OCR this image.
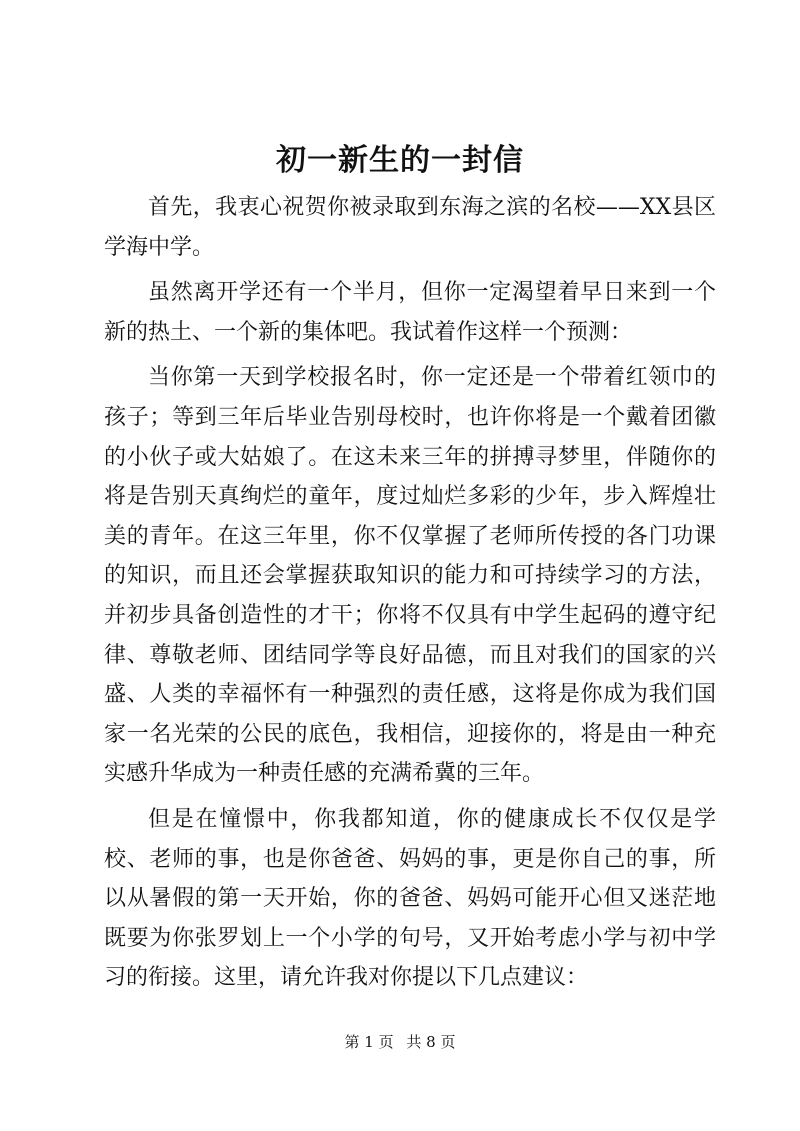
初一新生的一封信

首先，我衷心祝贺你被录取到东海之滨的名校——XX县区学海中学。

虽然离开学还有一个半月，但你一定渴望着早日来到一个新的热土、一个新的集体吧。我试着作这样一个预测：

当你第一天到学校报名时，你一定还是一个带着红领巾的孩子；等到三年后毕业告别母校时，也许你将是一个戴着团徽的小伙子或大姑娘了。在这未来三年的拼搏寻梦里，伴随你的将是告别天真绚烂的童年，度过灿烂多彩的少年，步入辉煌壮美的青年。在这三年里，你不仅掌握了老师所传授的各门功课的知识，而且还会掌握获取知识的能力和可持续学习的方法，并初步具备创造性的才干；你将不仅具有中学生起码的遵守纪律、尊敬老师、团结同学等良好品德，而且对我们的国家的兴盛、人类的幸福怀有一种强烈的责任感，这将是你成为我们国家一名光荣的公民的底色，我相信，迎接你的，将是由一种充实感升华成为一种责任感的充满希冀的三年。

但是在憧憬中，你我都知道，你的健康成长不仅仅是学校、老师的事，也是你爸爸、妈妈的事，更是你自己的事，所以从暑假的第一天开始，你的爸爸、妈妈可能开心但又迷茫地既要为你张罗划上一个小学的句号，又开始考虑小学与初中学习的衔接。这里，请允许我对你提以下几点建议：

第 1 页 共 8 页
